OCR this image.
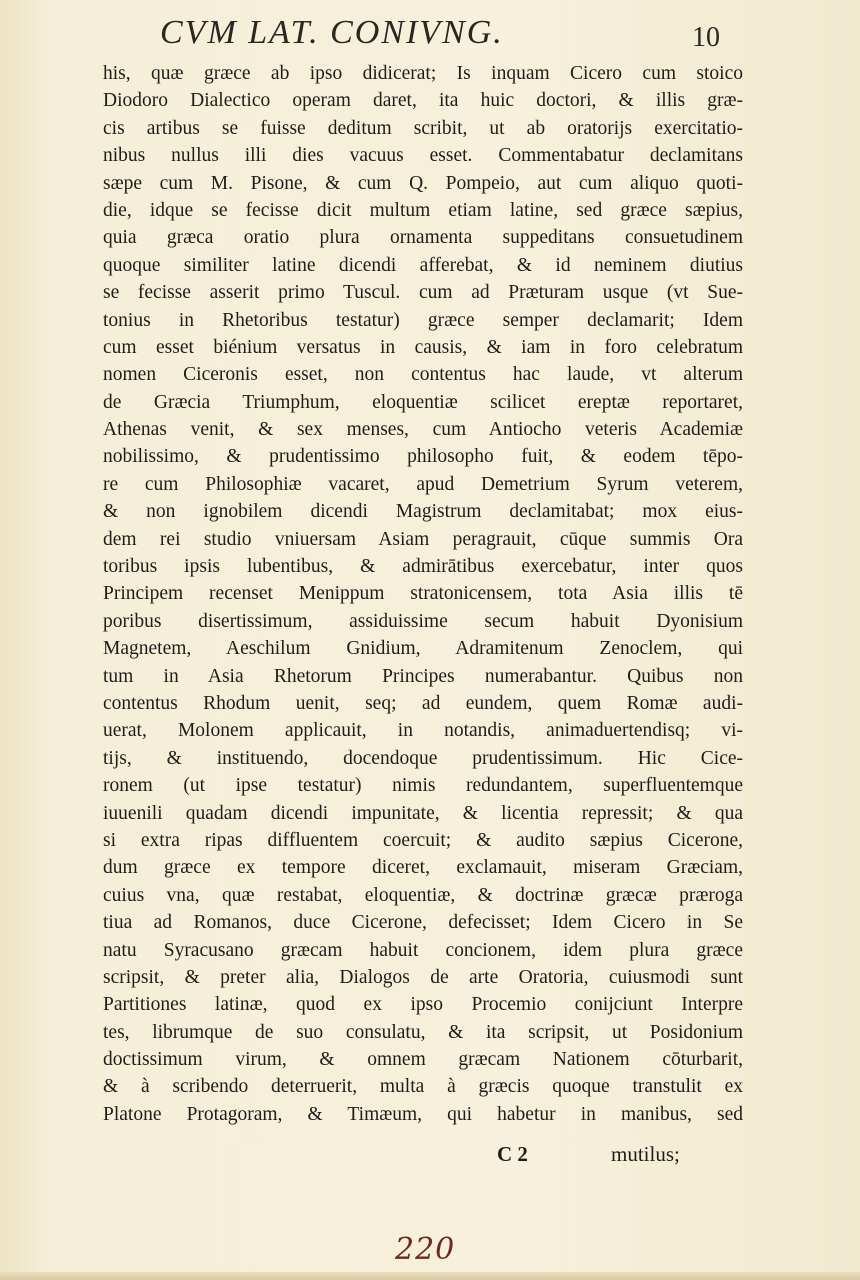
CVM LAT. CONIVNG.	10
his, quæ græce ab ipso didicerat; Is inquam Cicero cum stoico
Diodoro Dialectico operam daret, ita huic doctori, & illis græ-
cis artibus se fuisse deditum scribit, ut ab oratorijs exercitatio-
nibus nullus illi dies vacuus esset. Commentabatur declamitans
sæpe cum M. Pisone, & cum Q. Pompeio, aut cum aliquo quoti-
die, idque se fecisse dicit multum etiam latine, sed græce sæpius,
quia græca oratio plura ornamenta suppeditans consuetudinem
quoque similiter latine dicendi afferebat, & id neminem diutius
se fecisse asserit primo Tuscul. cum ad Præturam usque (vt Sue-
tonius in Rhetoribus testatur) græce semper declamarit; Idem
cum esset biénium versatus in causis, & iam in foro celebratum
nomen Ciceronis esset, non contentus hac laude, vt alterum
de Græcia Triumphum, eloquentiæ scilicet ereptæ reportaret,
Athenas venit, & sex menses, cum Antiocho veteris Academiæ
nobilissimo, & prudentissimo philosopho fuit, & eodem tēpo-
re cum Philosophiæ vacaret, apud Demetrium Syrum veterem,
& non ignobilem dicendi Magistrum declamitabat; mox eius-
dem rei studio vniuersam Asiam peragrauit, cūque summis Ora
toribus ipsis lubentibus, & admirātibus exercebatur, inter quos
Principem recenset Menippum stratonicensem, tota Asia illis tē
poribus disertissimum, assiduissime secum habuit Dyonisium
Magnetem, Aeschilum Gnidium, Adramitenum Zenoclem, qui
tum in Asia Rhetorum Principes numerabantur. Quibus non
contentus Rhodum uenit, seq; ad eundem, quem Romæ audi-
uerat, Molonem applicauit, in notandis, animaduertendisq; vi-
tijs, & instituendo, docendoque prudentissimum. Hic Cice-
ronem (ut ipse testatur) nimis redundantem, superfluentemque
iuuenili quadam dicendi impunitate, & licentia repressit; & qua
si extra ripas diffluentem coercuit; & audito sæpius Cicerone,
dum græce ex tempore diceret, exclamauit, miseram Græciam,
cuius vna, quæ restabat, eloquentiæ, & doctrinæ græcæ præroga
tiua ad Romanos, duce Cicerone, defecisset; Idem Cicero in Se
natu Syracusano græcam habuit concionem, idem plura græce
scripsit, & preter alia, Dialogos de arte Oratoria, cuiusmodi sunt
Partitiones latinæ, quod ex ipso Procemio conijciunt Interpre
tes, librumque de suo consulatu, & ita scripsit, ut Posidonium
doctissimum virum, & omnem græcam Nationem cōturbarit,
& à scribendo deterruerit, multa à græcis quoque transtulit ex
Platone Protagoram, & Timæum, qui habetur in manibus, sed
C 2	mutilus;
220
